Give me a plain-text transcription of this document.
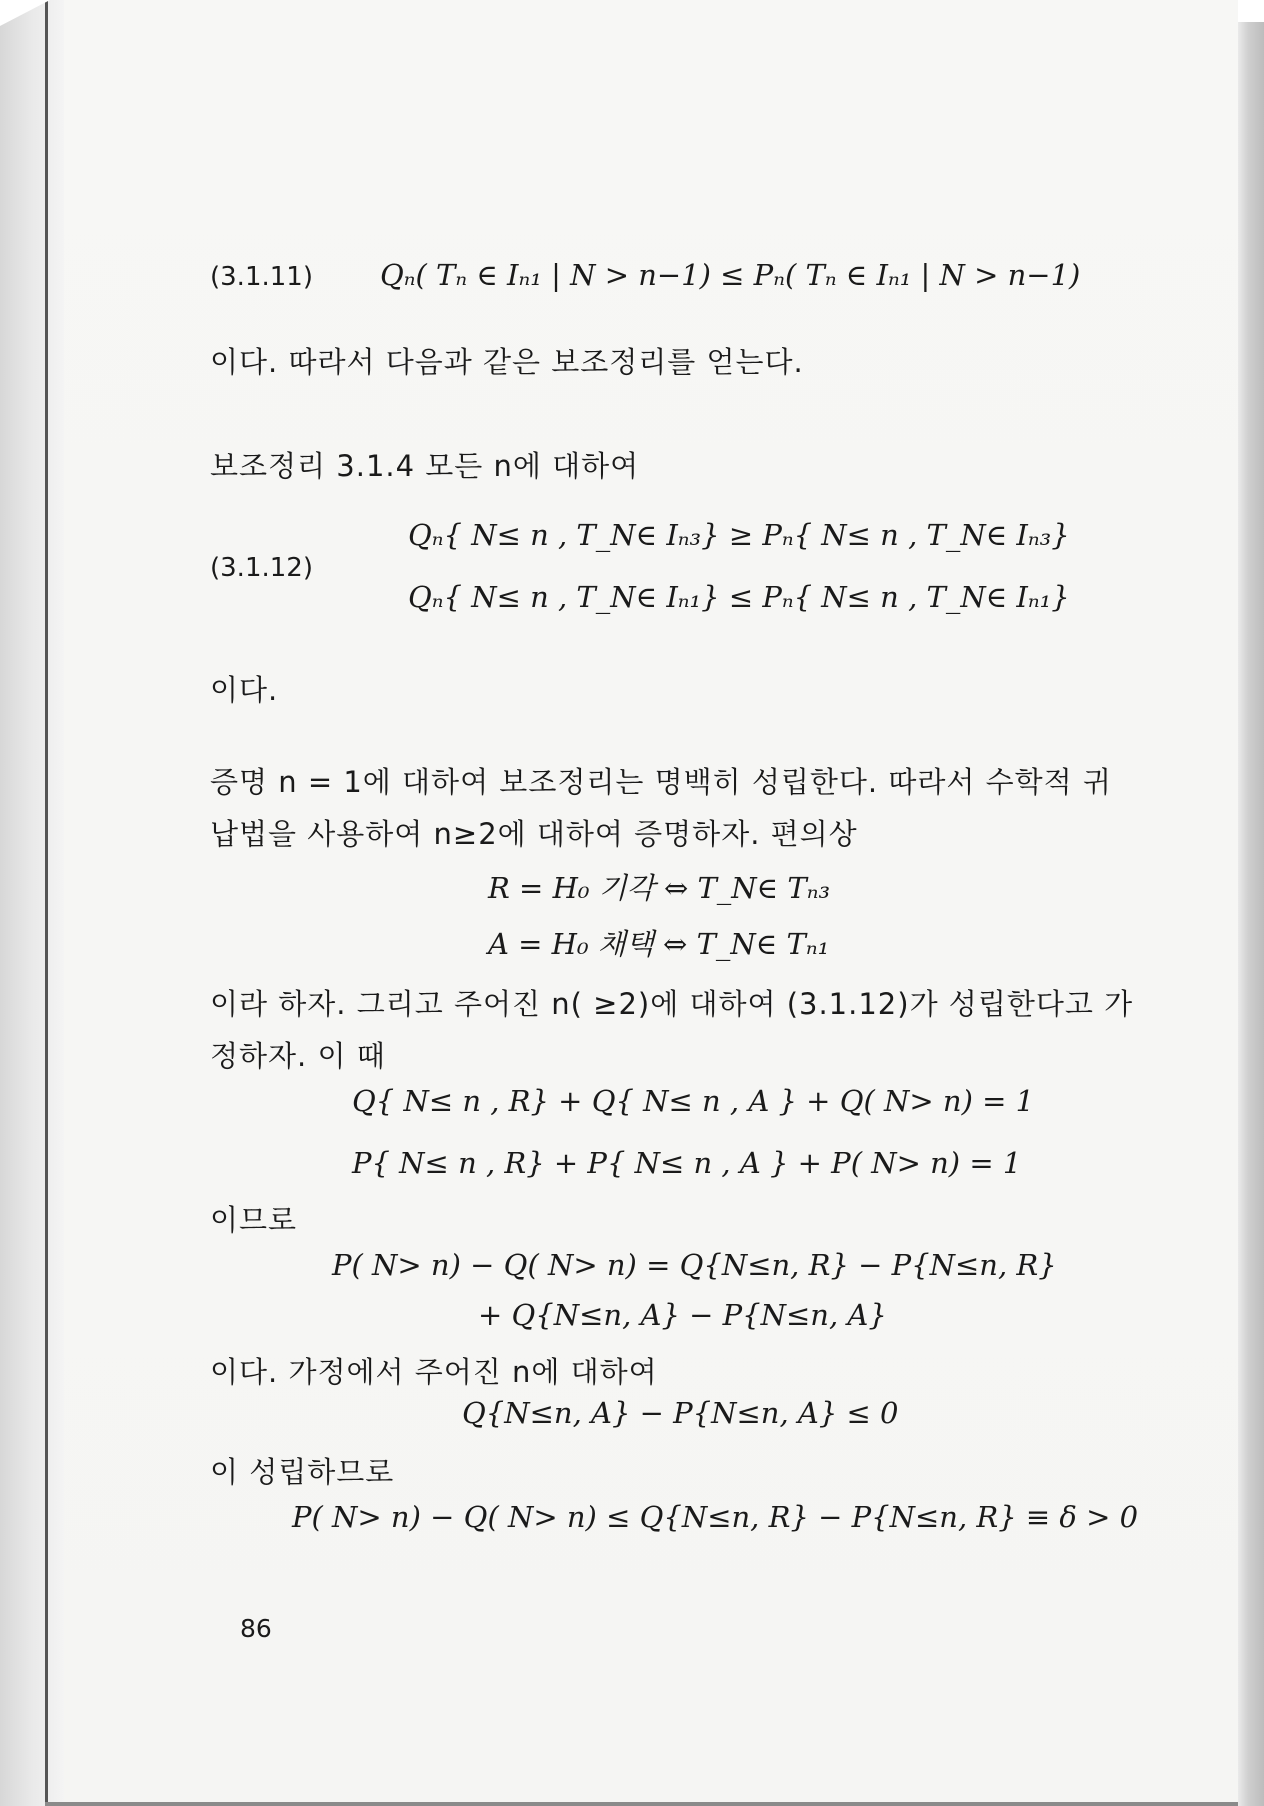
(3.1.11) Qₙ( Tₙ ∈ Iₙ₁ | N > n−1) ≤ Pₙ( Tₙ ∈ Iₙ₁ | N > n−1)
이다. 따라서 다음과 같은 보조정리를 얻는다.
보조정리 3.1.4 모든 n에 대하여
Qₙ{ N≤ n , T_N∈ Iₙ₃} ≥ Pₙ{ N≤ n , T_N∈ Iₙ₃}
(3.1.12)
Qₙ{ N≤ n , T_N∈ Iₙ₁} ≤ Pₙ{ N≤ n , T_N∈ Iₙ₁}
이다.
증명 n = 1에 대하여 보조정리는 명백히 성립한다. 따라서 수학적 귀
납법을 사용하여 n≥2에 대하여 증명하자. 편의상
R = H₀ 기각 ⇔ T_N∈ Tₙ₃
A = H₀ 채택 ⇔ T_N∈ Tₙ₁
이라 하자. 그리고 주어진 n( ≥2)에 대하여 (3.1.12)가 성립한다고 가
정하자. 이 때
Q{ N≤ n , R} + Q{ N≤ n , A } + Q( N> n) = 1
P{ N≤ n , R} + P{ N≤ n , A } + P( N> n) = 1
이므로
P( N> n) − Q( N> n) = Q{N≤n, R} − P{N≤n, R}
+ Q{N≤n, A} − P{N≤n, A}
이다. 가정에서 주어진 n에 대하여
Q{N≤n, A} − P{N≤n, A} ≤ 0
이 성립하므로
P( N> n) − Q( N> n) ≤ Q{N≤n, R} − P{N≤n, R} ≡ δ > 0
86
